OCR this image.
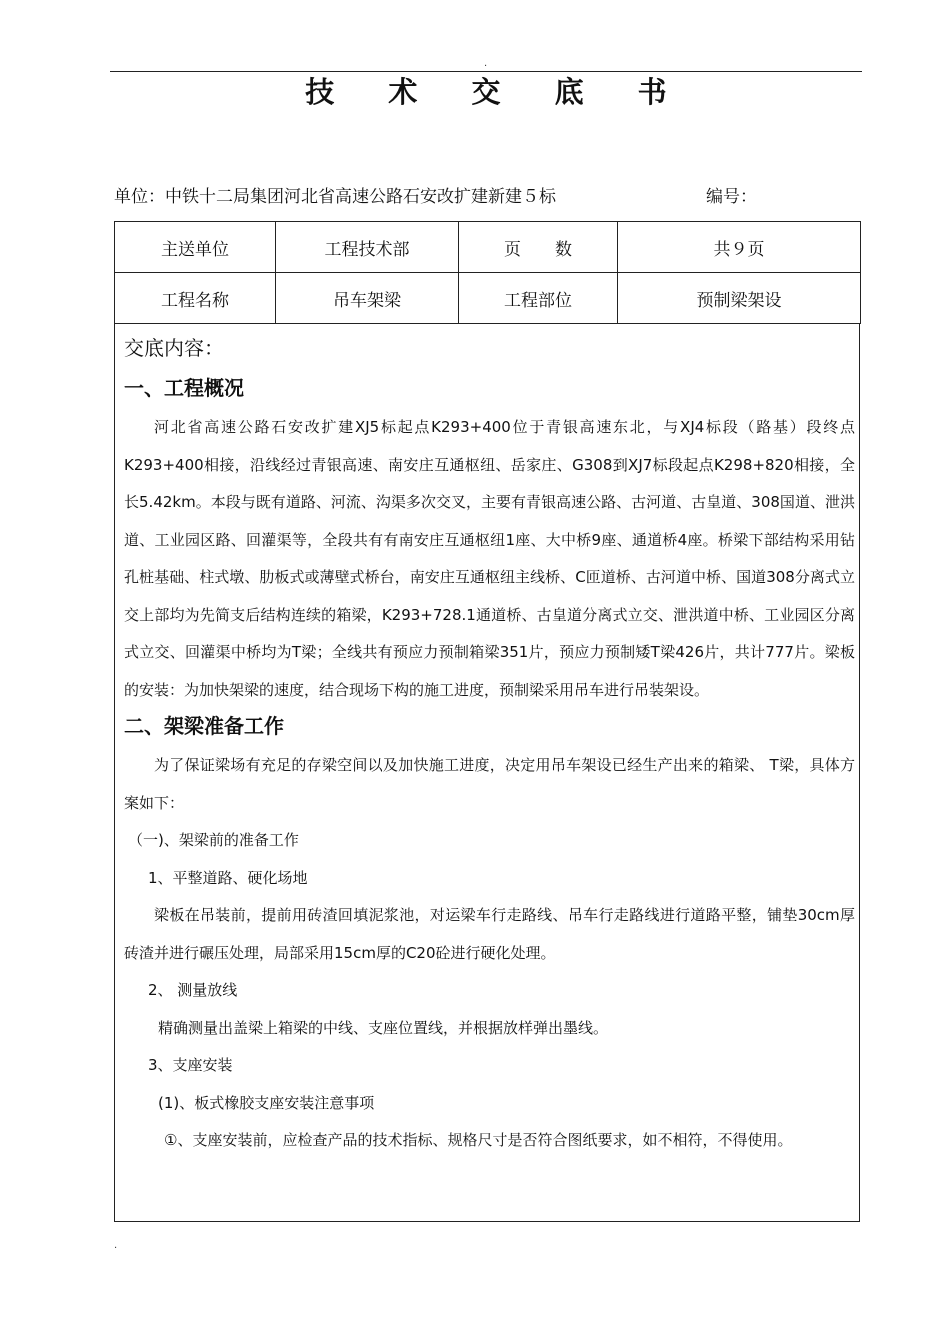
.
技 术 交 底 书
单位：中铁十二局集团河北省高速公路石安改扩建新建５标	编号：
主送单位	工程技术部	页　　数	共９页
工程名称	吊车架梁	工程部位	预制梁架设

交底内容：

一、工程概况

河北省高速公路石安改扩建XJ5标起点K293+400位于青银高速东北，与XJ4标段（路基）段终点K293+400相接，沿线经过青银高速、南安庄互通枢纽、岳家庄、G308到XJ7标段起点K298+820相接，全长5.42km。本段与既有道路、河流、沟渠多次交叉，主要有青银高速公路、古河道、古皇道、308国道、泄洪道、工业园区路、回灌渠等，全段共有有南安庄互通枢纽1座、大中桥9座、通道桥4座。桥梁下部结构采用钻孔桩基础、柱式墩、肋板式或薄壁式桥台，南安庄互通枢纽主线桥、C匝道桥、古河道中桥、国道308分离式立交上部均为先简支后结构连续的箱梁，K293+728.1通道桥、古皇道分离式立交、泄洪道中桥、工业园区分离式立交、回灌渠中桥均为T梁；全线共有预应力预制箱梁351片，预应力预制矮T梁426片，共计777片。梁板的安装：为加快架梁的速度，结合现场下构的施工进度，预制梁采用吊车进行吊装架设。

二、架梁准备工作

为了保证梁场有充足的存梁空间以及加快施工进度，决定用吊车架设已经生产出来的箱梁、 T梁，具体方案如下：

（一)、架梁前的准备工作

1、平整道路、硬化场地

梁板在吊装前，提前用砖渣回填泥浆池，对运梁车行走路线、吊车行走路线进行道路平整，铺垫30cm厚砖渣并进行碾压处理，局部采用15cm厚的C20砼进行硬化处理。

2、 测量放线

精确测量出盖梁上箱梁的中线、支座位置线，并根据放样弹出墨线。

3、支座安装

(1)、板式橡胶支座安装注意事项

①、支座安装前，应检查产品的技术指标、规格尺寸是否符合图纸要求，如不相符，不得使用。

.
